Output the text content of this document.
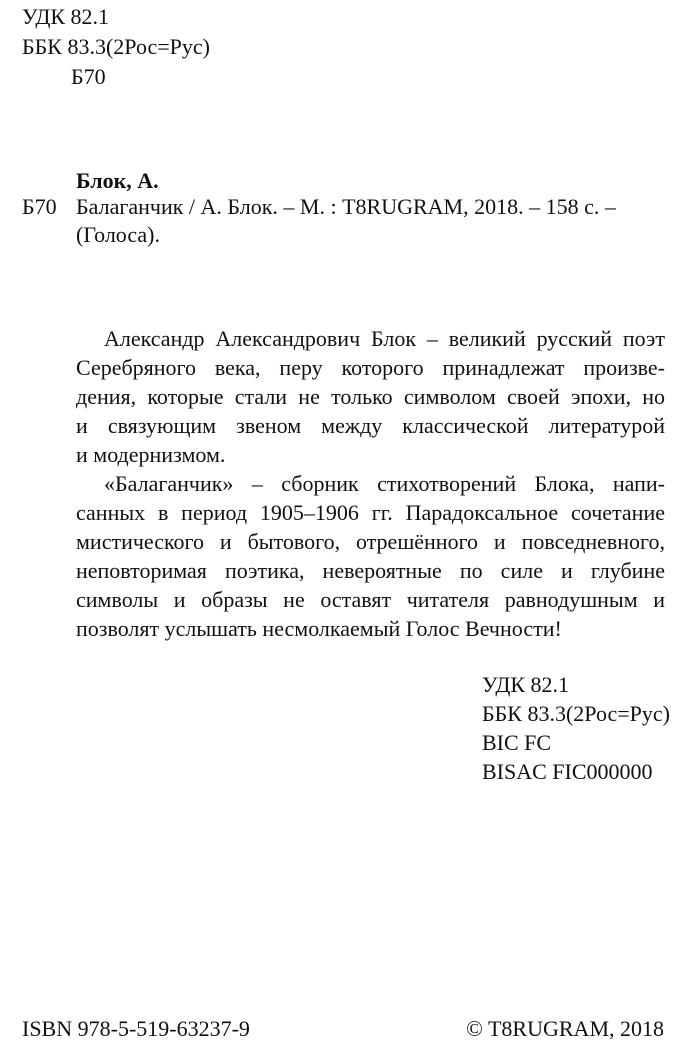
УДК 82.1
ББК 83.3(2Рос=Рус)
Б70
Блок, А.
Б70 Балаганчик / А. Блок. – М. : T8RUGRAM, 2018. – 158 с. –
(Голоса).
Александр Александрович Блок – великий русский поэт
Серебряного века, перу которого принадлежат произве-
дения, которые стали не только символом своей эпохи, но
и связующим звеном между классической литературой
и модернизмом.
«Балаганчик» – сборник стихотворений Блока, напи-
санных в период 1905–1906 гг. Парадоксальное сочетание
мистического и бытового, отрешённого и повседневного,
неповторимая поэтика, невероятные по силе и глубине
символы и образы не оставят читателя равнодушным и
позволят услышать несмолкаемый Голос Вечности!
УДК 82.1
ББК 83.3(2Рос=Рус)
BIC FC
BISAC FIC000000
ISBN 978-5-519-63237-9	© T8RUGRAM, 2018
